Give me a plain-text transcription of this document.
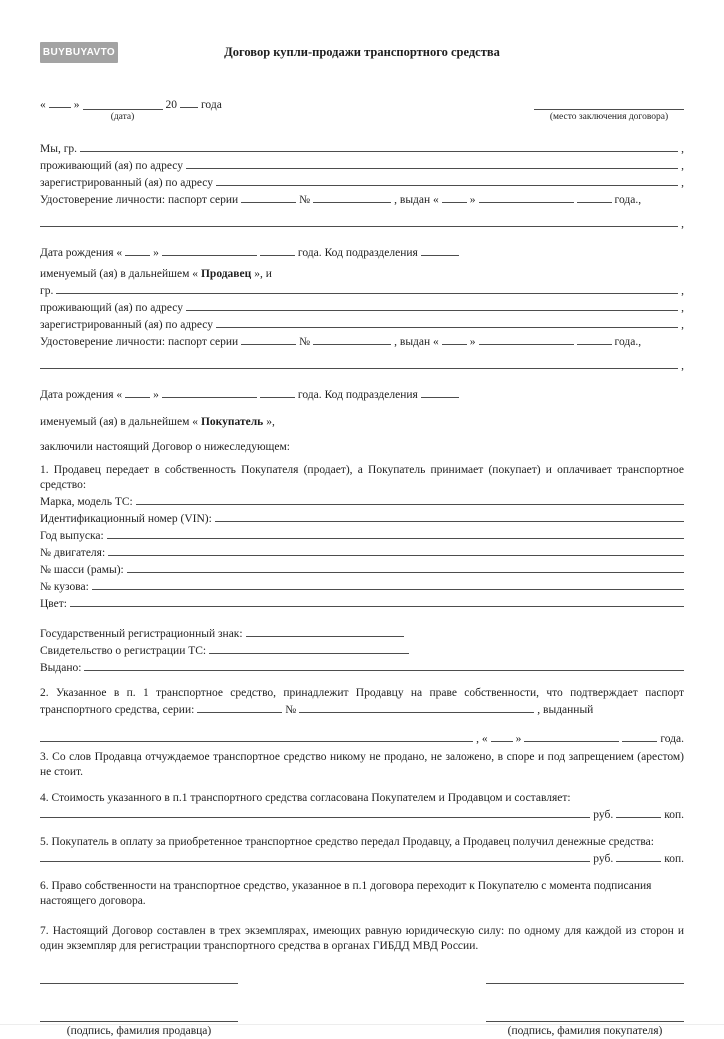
BUYBUYAVTO	Договор купли-продажи транспортного средства
« »

(дата)

20 года

(место заключения договора)

Мы, гр.	,
проживающий (ая) по адресу	,
зарегистрированный (ая) по адресу	,
Удостоверение личности: паспорт серии	№	, выдан «	»	года.,
,
Дата рождения «	»	года. Код подразделения
именуемый (ая) в дальнейшем « Продавец », и
гр.	,
проживающий (ая) по адресу	,
зарегистрированный (ая) по адресу	,
Удостоверение личности: паспорт серии	№	, выдан «	»	года.,
,
Дата рождения «	»	года. Код подразделения
именуемый (ая) в дальнейшем « Покупатель »,
заключили настоящий Договор о нижеследующем:
1. Продавец передает в собственность Покупателя (продает), а Покупатель принимает (покупает) и оплачивает транспортное средство:
Марка, модель ТС:
Идентификационный номер (VIN):
Год выпуска:
№ двигателя:
№ шасси (рамы):
№ кузова:
Цвет:
Государственный регистрационный знак:
Свидетельство о регистрации ТС:
Выдано:
2. Указанное в п. 1 транспортное средство, принадлежит Продавцу на праве собственности, что подтверждает паспорт транспортного средства, серии:	№	, выданный
, « »	года.
3. Со слов Продавца отчуждаемое транспортное средство никому не продано, не заложено, в споре и под запрещением (арестом) не стоит.
4. Стоимость указанного в п.1 транспортного средства согласована Покупателем и Продавцом и составляет:
руб.	коп.
5. Покупатель в оплату за приобретенное транспортное средство передал Продавцу, а Продавец получил денежные средства:
руб.	коп.
6. Право собственности на транспортное средство, указанное в п.1 договора переходит к Покупателю с момента подписания настоящего договора.
7. Настоящий Договор составлен в трех экземплярах, имеющих равную юридическую силу: по одному для каждой из сторон и один экземпляр для регистрации транспортного средства в органах ГИБДД МВД России.
(подпись, фамилия продавца)	(подпись, фамилия покупателя)
